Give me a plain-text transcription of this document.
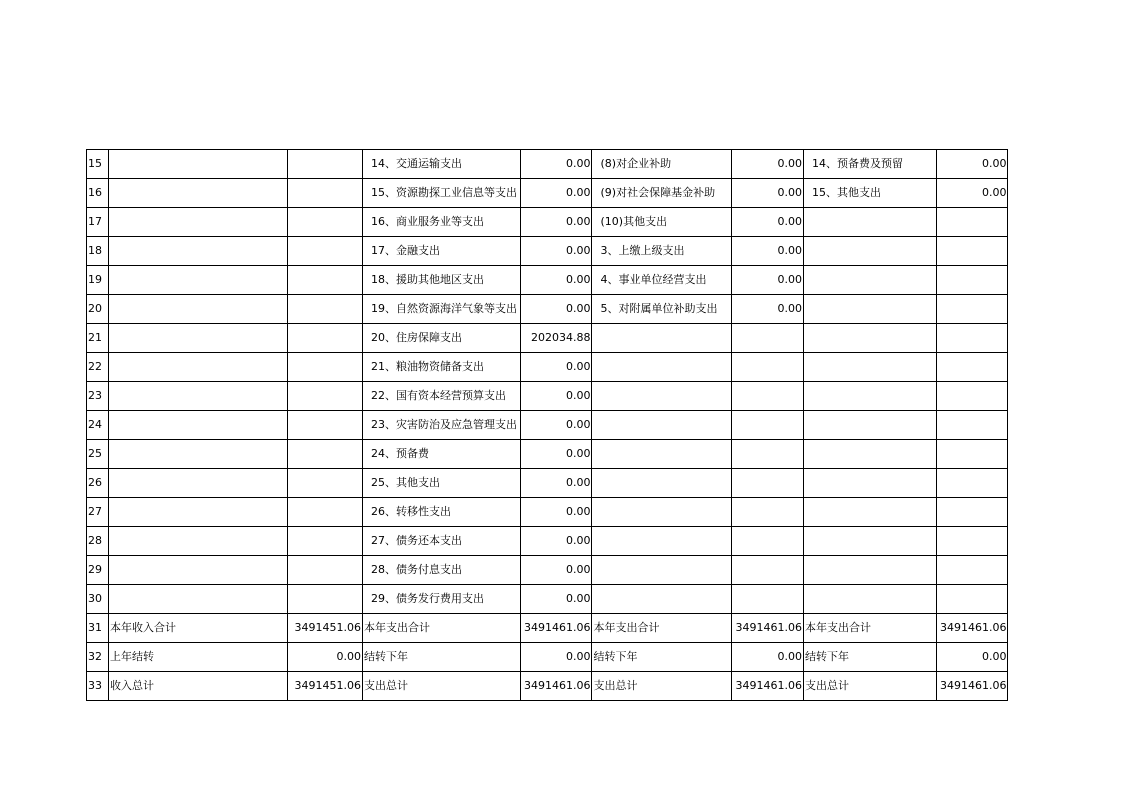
15			14、交通运输支出	0.00	(8)对企业补助	0.00	14、预备费及预留	0.00
16			15、资源勘探工业信息等支出	0.00	(9)对社会保障基金补助	0.00	15、其他支出	0.00
17			16、商业服务业等支出	0.00	(10)其他支出	0.00		
18			17、金融支出	0.00	3、上缴上级支出	0.00		
19			18、援助其他地区支出	0.00	4、事业单位经营支出	0.00		
20			19、自然资源海洋气象等支出	0.00	5、对附属单位补助支出	0.00		
21			20、住房保障支出	202034.88				
22			21、粮油物资储备支出	0.00				
23			22、国有资本经营预算支出	0.00				
24			23、灾害防治及应急管理支出	0.00				
25			24、预备费	0.00				
26			25、其他支出	0.00				
27			26、转移性支出	0.00				
28			27、债务还本支出	0.00				
29			28、债务付息支出	0.00				
30			29、债务发行费用支出	0.00				
31	本年收入合计	3491451.06	本年支出合计	3491461.06	本年支出合计	3491461.06	本年支出合计	3491461.06
32	上年结转	0.00	结转下年	0.00	结转下年	0.00	结转下年	0.00
33	收入总计	3491451.06	支出总计	3491461.06	支出总计	3491461.06	支出总计	3491461.06
